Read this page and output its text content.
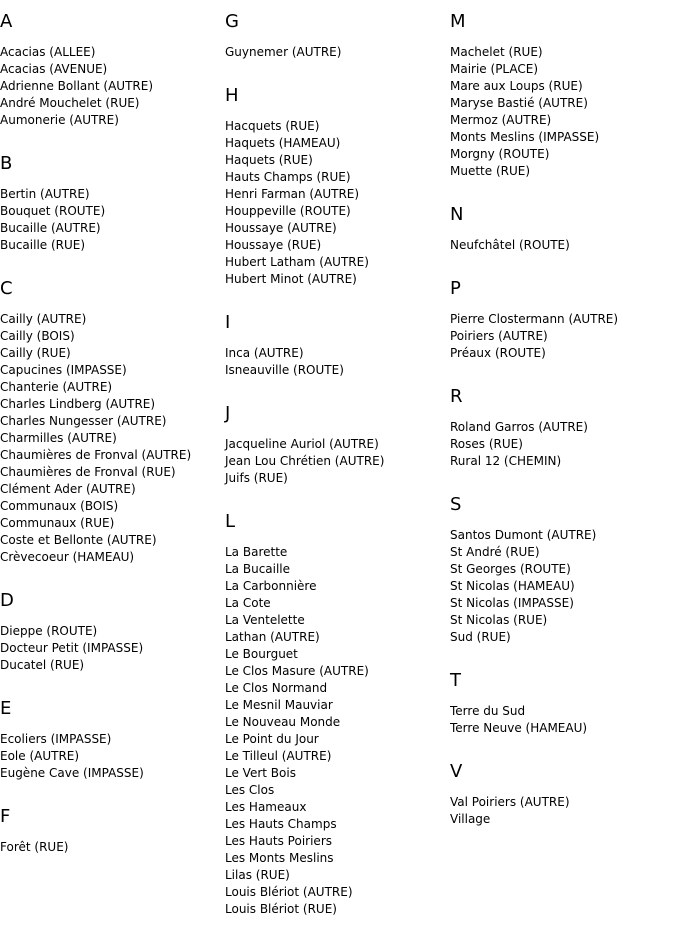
A
Acacias (ALLEE)
Acacias (AVENUE)
Adrienne Bollant (AUTRE)
André Mouchelet (RUE)
Aumonerie (AUTRE)
B
Bertin (AUTRE)
Bouquet (ROUTE)
Bucaille (AUTRE)
Bucaille (RUE)
C
Cailly (AUTRE)
Cailly (BOIS)
Cailly (RUE)
Capucines (IMPASSE)
Chanterie (AUTRE)
Charles Lindberg (AUTRE)
Charles Nungesser (AUTRE)
Charmilles (AUTRE)
Chaumières de Fronval (AUTRE)
Chaumières de Fronval (RUE)
Clément Ader (AUTRE)
Communaux (BOIS)
Communaux (RUE)
Coste et Bellonte (AUTRE)
Crèvecoeur (HAMEAU)
D
Dieppe (ROUTE)
Docteur Petit (IMPASSE)
Ducatel (RUE)
E
Ecoliers (IMPASSE)
Eole (AUTRE)
Eugène Cave (IMPASSE)
F
Forêt (RUE)
G
Guynemer (AUTRE)
H
Hacquets (RUE)
Haquets (HAMEAU)
Haquets (RUE)
Hauts Champs (RUE)
Henri Farman (AUTRE)
Houppeville (ROUTE)
Houssaye (AUTRE)
Houssaye (RUE)
Hubert Latham (AUTRE)
Hubert Minot (AUTRE)
I
Inca (AUTRE)
Isneauville (ROUTE)
J
Jacqueline Auriol (AUTRE)
Jean Lou Chrétien (AUTRE)
Juifs (RUE)
L
La Barette
La Bucaille
La Carbonnière
La Cote
La Ventelette
Lathan (AUTRE)
Le Bourguet
Le Clos Masure (AUTRE)
Le Clos Normand
Le Mesnil Mauviar
Le Nouveau Monde
Le Point du Jour
Le Tilleul (AUTRE)
Le Vert Bois
Les Clos
Les Hameaux
Les Hauts Champs
Les Hauts Poiriers
Les Monts Meslins
Lilas (RUE)
Louis Blériot (AUTRE)
Louis Blériot (RUE)
M
Machelet (RUE)
Mairie (PLACE)
Mare aux Loups (RUE)
Maryse Bastié (AUTRE)
Mermoz (AUTRE)
Monts Meslins (IMPASSE)
Morgny (ROUTE)
Muette (RUE)
N
Neufchâtel (ROUTE)
P
Pierre Clostermann (AUTRE)
Poiriers (AUTRE)
Préaux (ROUTE)
R
Roland Garros (AUTRE)
Roses (RUE)
Rural 12 (CHEMIN)
S
Santos Dumont (AUTRE)
St André (RUE)
St Georges (ROUTE)
St Nicolas (HAMEAU)
St Nicolas (IMPASSE)
St Nicolas (RUE)
Sud (RUE)
T
Terre du Sud
Terre Neuve (HAMEAU)
V
Val Poiriers (AUTRE)
Village
